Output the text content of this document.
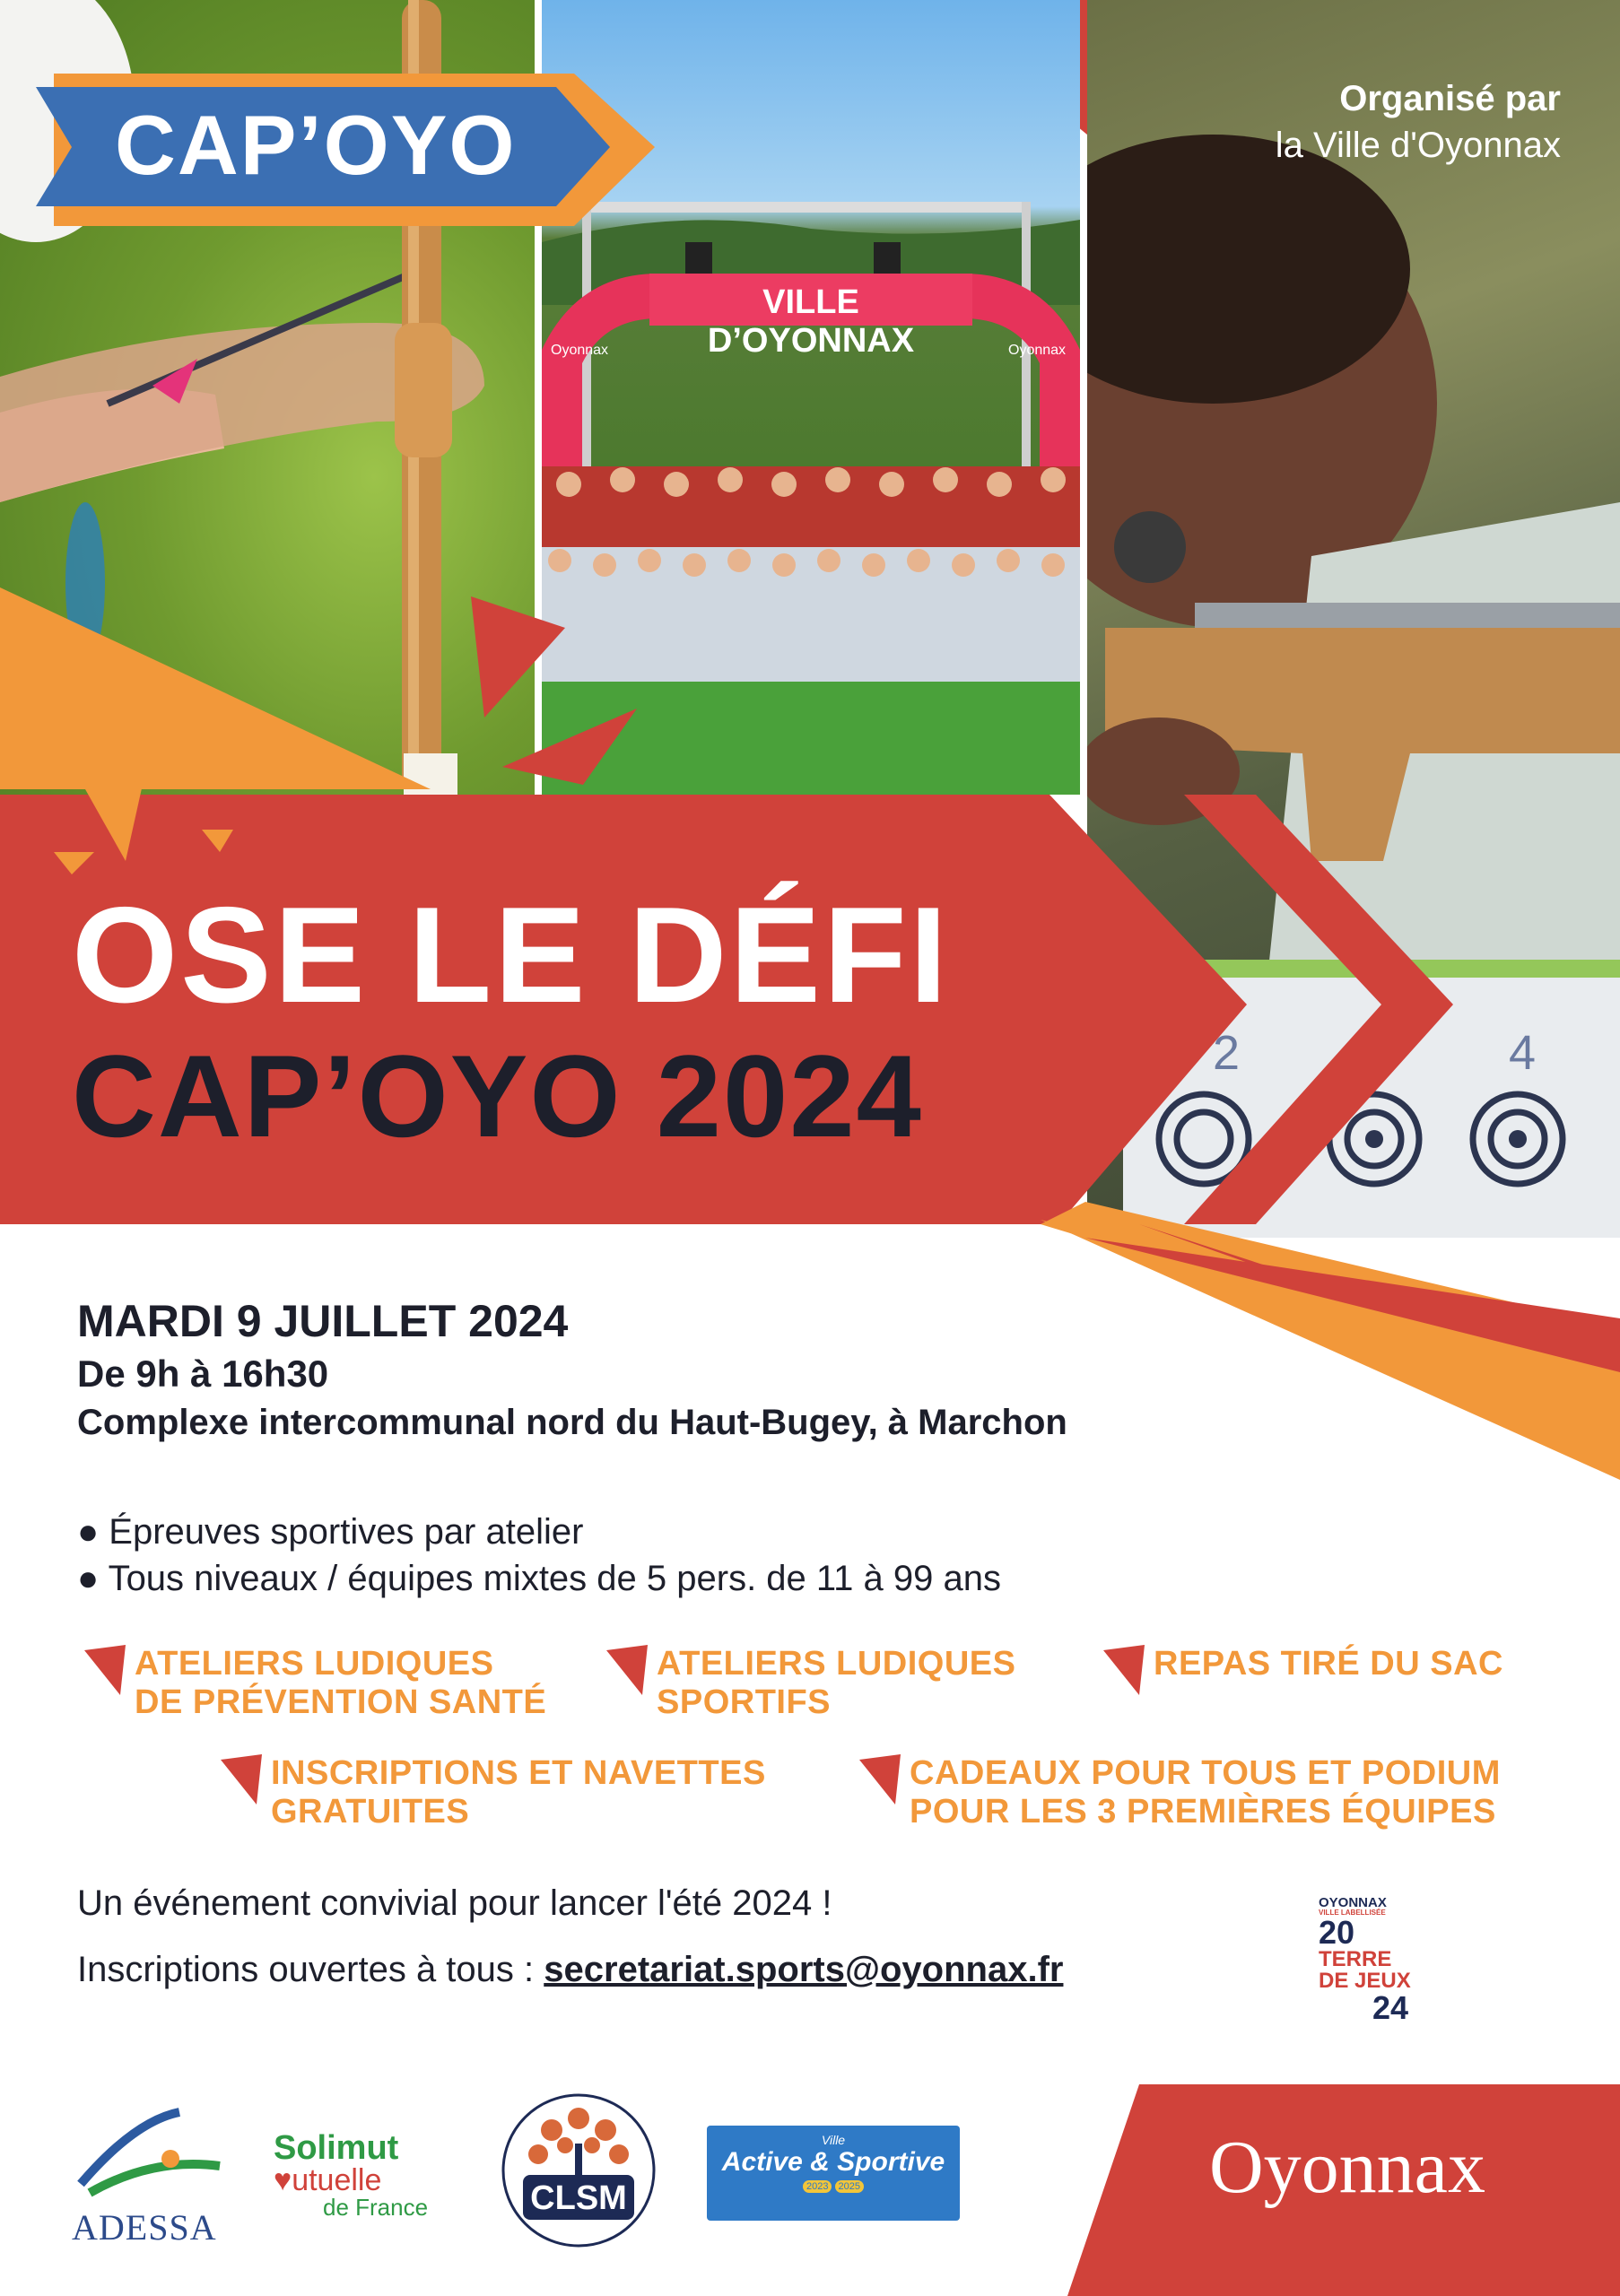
VILLE D’OYONNAX
Oyonnax	Oyonnax
2	4
CAP’OYO	Organisé par
la Ville d'Oyonnax
OSE LE DÉFI
CAP’OYO 2024
MARDI 9 JUILLET 2024
De 9h à 16h30
Complexe intercommunal nord du Haut-Bugey, à Marchon
● Épreuves sportives par atelier
● Tous niveaux / équipes mixtes de 5 pers. de 11 à 99 ans
ATELIERS LUDIQUES
DE PRÉVENTION SANTÉ
ATELIERS LUDIQUES
SPORTIFS
REPAS TIRÉ DU SAC
INSCRIPTIONS ET NAVETTES
GRATUITES
CADEAUX POUR TOUS ET PODIUM
POUR LES 3 PREMIÈRES ÉQUIPES
Un événement convivial pour lancer l'été 2024 !
Inscriptions ouvertes à tous : secretariat.sports@oyonnax.fr
OYONNAX
VILLE LABELLISÉE
20
TERRE
DE JEUX
24
ADESSA
Solimut
♥utuelle
de France	CLSM
Ville
Active & Sportive
2023 2025	Oyonnax
